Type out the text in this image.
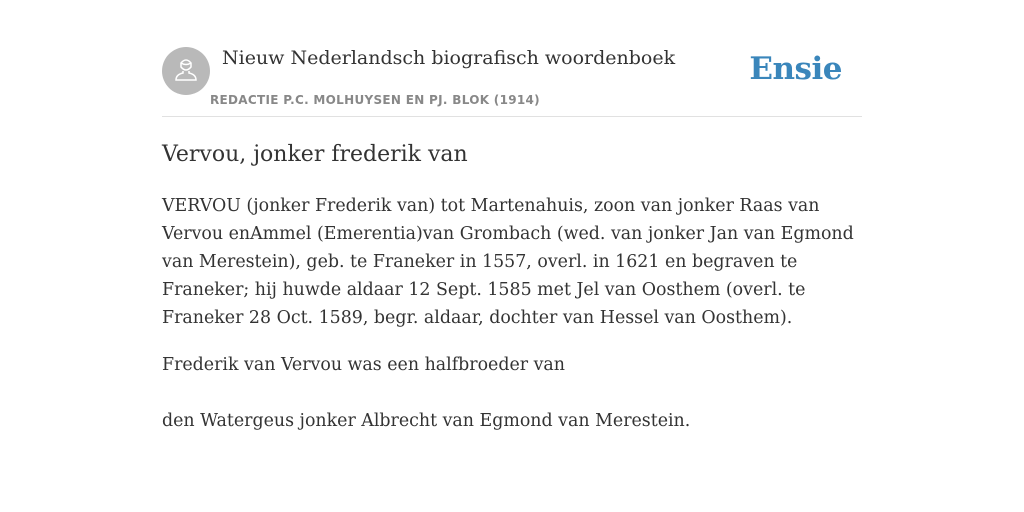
Nieuw Nederlandsch biografisch woordenboek
REDACTIE P.C. MOLHUYSEN EN PJ. BLOK (1914)
Ensie
Vervou, jonker frederik van

VERVOU (jonker Frederik van) tot Martenahuis, zoon van jonker Raas van Vervou enAmmel (Emerentia)van Grombach (wed. van jonker Jan van Egmond van Merestein), geb. te Franeker in 1557, overl. in 1621 en begraven te Franeker; hij huwde aldaar 12 Sept. 1585 met Jel van Oosthem (overl. te Franeker 28 Oct. 1589, begr. aldaar, dochter van Hessel van Oosthem).

Frederik van Vervou was een halfbroeder van

den Watergeus jonker Albrecht van Egmond van Merestein.
